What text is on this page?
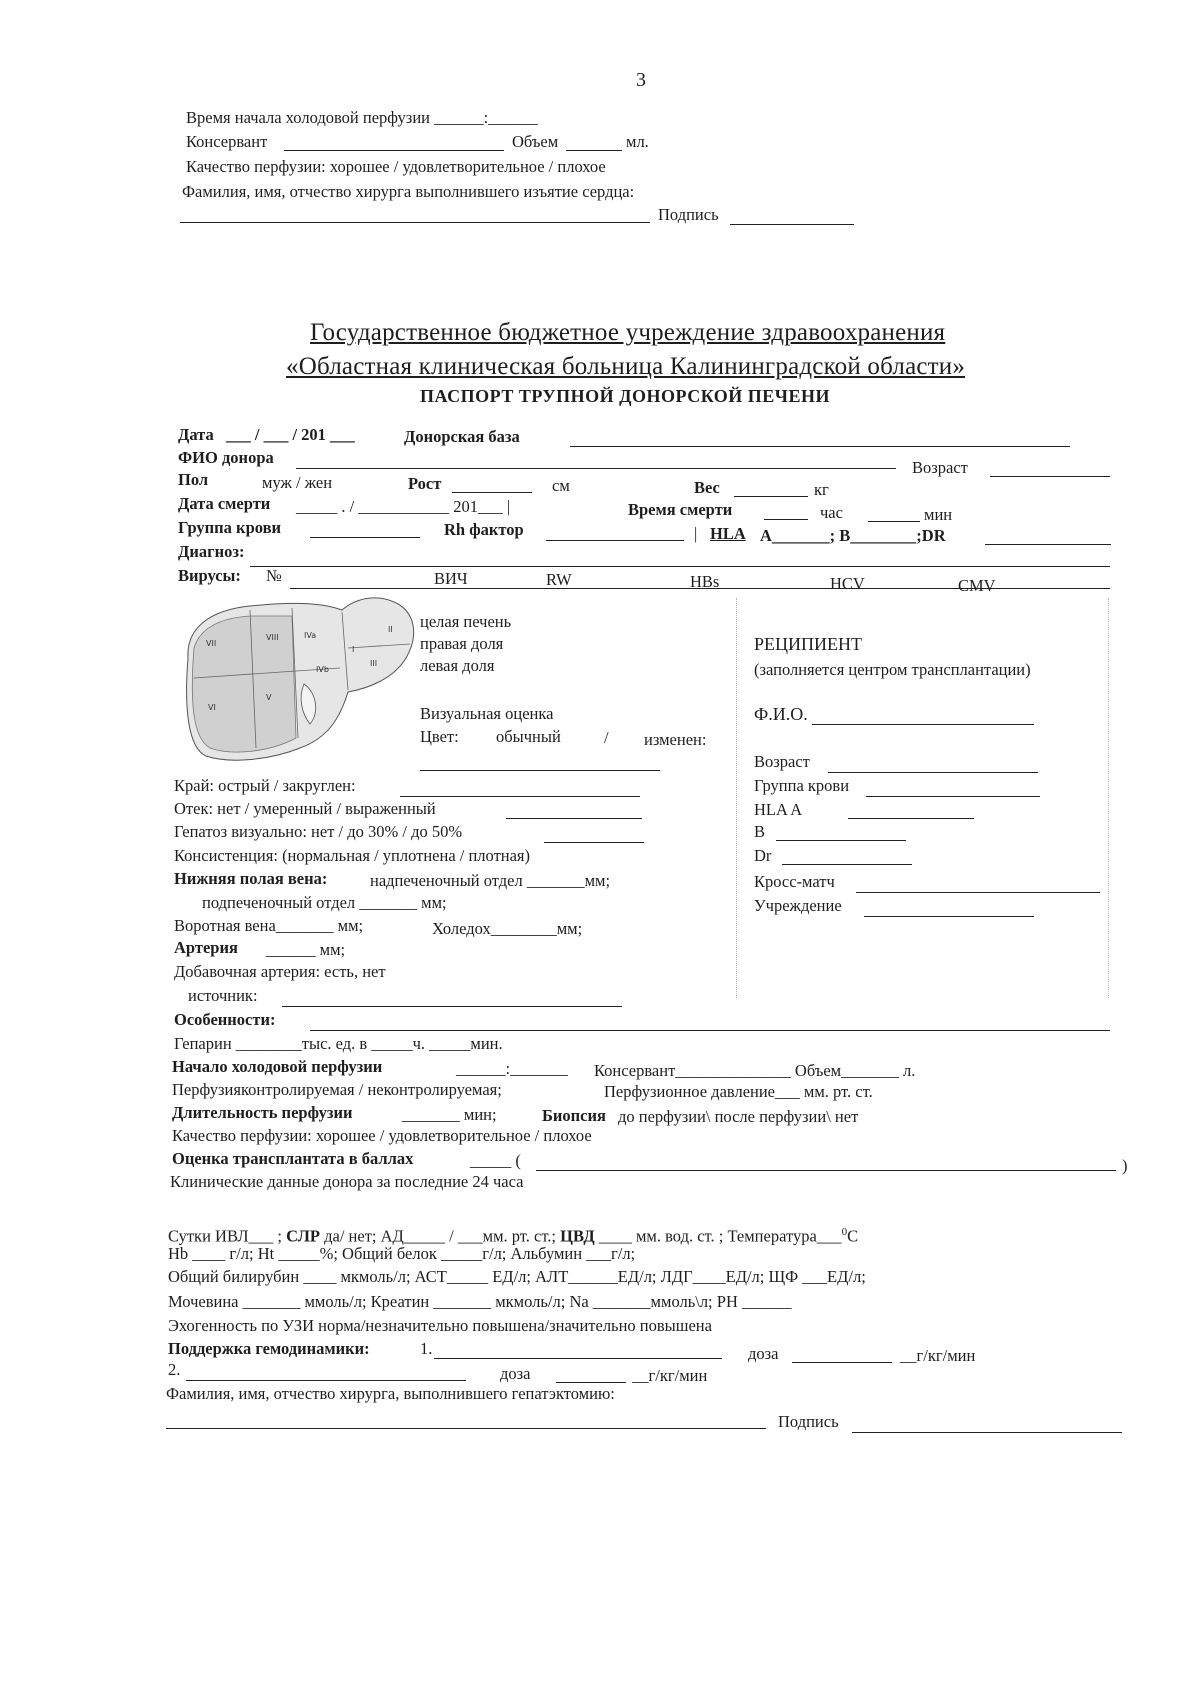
3
Время начала холодовой перфузии ______:______
Консервант	Объем	мл.
Качество перфузии: хорошее / удовлетворительное / плохое
Фамилия, имя, отчество хирурга выполнившего изъятие сердца:
Подпись
Государственное бюджетное учреждение здравоохранения
«Областная клиническая больница Калининградской области»
ПАСПОРТ ТРУПНОЙ ДОНОРСКОЙ ПЕЧЕНИ
Дата ___ / ___ / 201 ___	Донорская база
ФИО донора
Возраст
Пол	муж / жен	Рост	см	Вес	кг
Дата смерти _____ . / ___________ 201___ |	Время смерти	час	мин
Группа крови	Rh фактор	| HLA A_______; B________;DR
Диагноз:
Вирусы: №	ВИЧ	RW	HBs	HCV	CMV
VII
VIII	IVa
II
III
IVb
V
VI
I
целая печень
правая доля
левая доля
Визуальная оценка
Цвет: обычный	/ изменен:
РЕЦИПИЕНТ
(заполняется центром трансплантации)
Ф.И.О.
Возраст
Группа крови
HLA A
B
Dr
Кросс-матч
Учреждение
Край: острый / закруглен:
Отек: нет / умеренный / выраженный
Гепатоз визуально: нет / до 30% / до 50%
Консистенция: (нормальная / уплотнена / плотная)
Нижняя полая вена:	надпеченочный отдел _______мм;
подпеченочный отдел _______ мм;
Воротная вена_______ мм;	Холедох________мм;
Артерия ______ мм;
Добавочная артерия: есть, нет
источник:
Особенности:
Гепарин ________тыс. ед. в _____ч. _____мин.
Начало холодовой перфузии	______:_______ Консервант______________ Объем_______ л.
Перфузияконтролируемая / неконтролируемая;	Перфузионное давление___ мм. рт. ст.
Длительность перфузии	_______ мин;	Биопсия до перфузии\ после перфузии\ нет
Качество перфузии: хорошее / удовлетворительное / плохое
Оценка трансплантата в баллах	_____ (	)
Клинические данные донора за последние 24 часа
Сутки ИВЛ___ ; СЛР да/ нет; АД_____ / ___мм. рт. ст.; ЦВД ____ мм. вод. ст. ; Температура___$^0$C
Hb ____ г/л; Ht _____%; Общий белок _____г/л; Альбумин ___г/л;
Общий билирубин ____ мкмоль/л; АСТ_____ ЕД/л; АЛТ______ЕД/л; ЛДГ____ЕД/л; ЩФ ___ЕД/л;
Мочевина _______ ммоль/л; Креатин _______ мкмоль/л; Na _______ммоль\л; PH ______
Эхогенность по УЗИ норма/незначительно повышена/значительно повышена
Поддержка гемодинамики:	1.	доза	__г/кг/мин
2.	доза	__г/кг/мин
Фамилия, имя, отчество хирурга, выполнившего гепатэктомию:
Подпись
